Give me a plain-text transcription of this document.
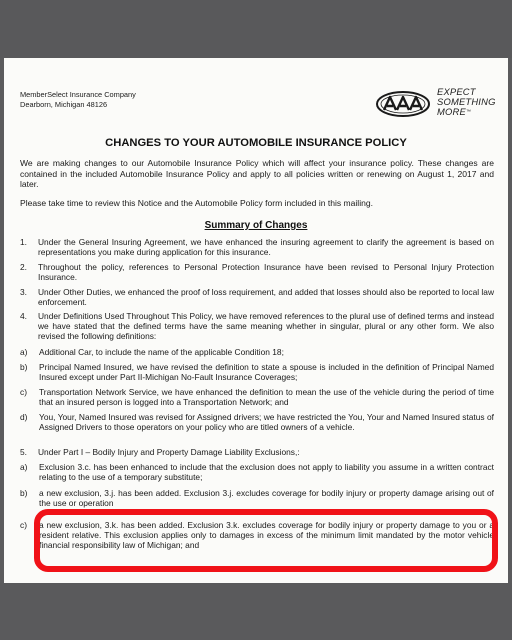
MemberSelect Insurance Company
Dearborn, Michigan 48126
EXPECT
SOMETHING
MORE™
CHANGES TO YOUR AUTOMOBILE INSURANCE POLICY
We are making changes to our Automobile Insurance Policy which will affect your insurance policy. These changes are contained in the included Automobile Insurance Policy and apply to all policies written or renewing on August 1, 2017 and later.
Please take time to review this Notice and the Automobile Policy form included in this mailing.
Summary of Changes
1. Under the General Insuring Agreement, we have enhanced the insuring agreement to clarify the agreement is based on representations you make during application for this insurance.
2. Throughout the policy, references to Personal Protection Insurance have been revised to Personal Injury Protection Insurance.
3. Under Other Duties, we enhanced the proof of loss requirement, and added that losses should also be reported to local law enforcement.
4. Under Definitions Used Throughout This Policy, we have removed references to the plural use of defined terms and instead we have stated that the defined terms have the same meaning whether in singular, plural or any other form. We also revised the following definitions:
a) Additional Car, to include the name of the applicable Condition 18;
b) Principal Named Insured, we have revised the definition to state a spouse is included in the definition of Principal Named Insured except under Part II-Michigan No-Fault Insurance Coverages;
c) Transportation Network Service, we have enhanced the definition to mean the use of the vehicle during the period of time that an insured person is logged into a Transportation Network; and
d) You, Your, Named Insured was revised for Assigned drivers; we have restricted the You, Your and Named Insured status of Assigned Drivers to those operators on your policy who are titled owners of a vehicle.
5. Under Part I – Bodily Injury and Property Damage Liability Exclusions,:
a) Exclusion 3.c. has been enhanced to include that the exclusion does not apply to liability you assume in a written contract relating to the use of a temporary substitute;
b) a new exclusion, 3.j. has been added. Exclusion 3.j. excludes coverage for bodily injury or property damage arising out of the use or operation
c) a new exclusion, 3.k. has been added. Exclusion 3.k. excludes coverage for bodily injury or property damage to you or a resident relative. This exclusion applies only to damages in excess of the minimum limit mandated by the motor vehicle financial responsibility law of Michigan; and
